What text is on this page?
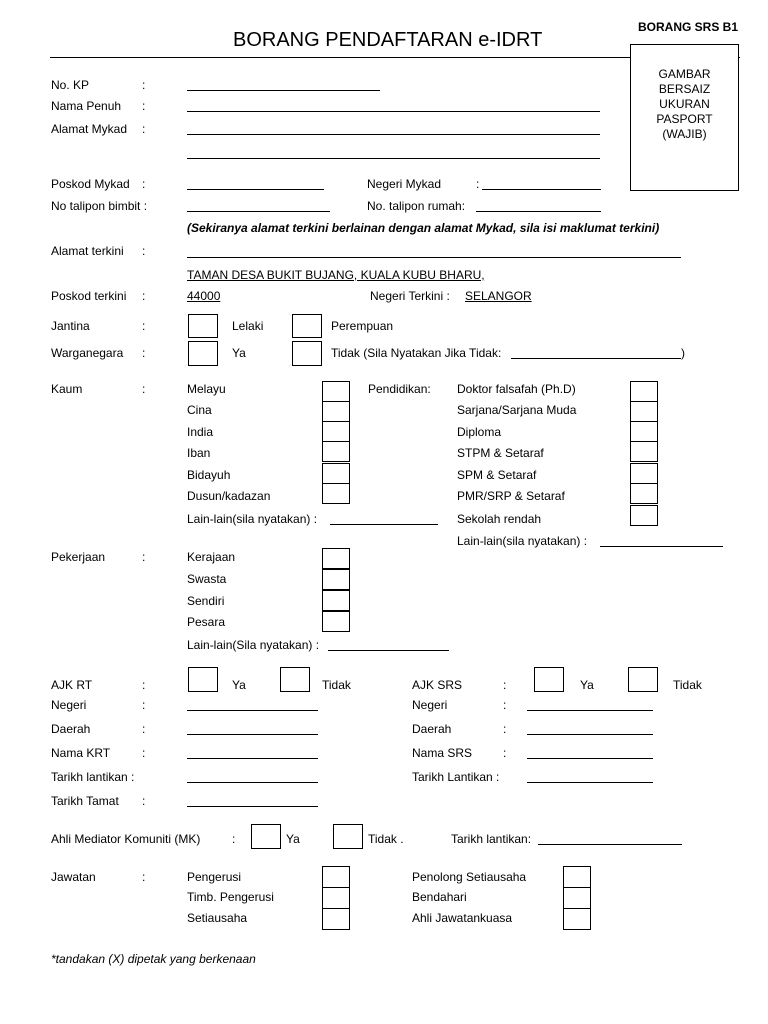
BORANG SRS B1
BORANG PENDAFTARAN e-IDRT
GAMBAR
BERSAIZ
UKURAN
PASPORT
(WAJIB)
No. KP	:
Nama Penuh :
Alamat Mykad :
Poskod Mykad :	Negeri Mykad	:
No talipon bimbit :	No. talipon rumah:
(Sekiranya alamat terkini berlainan dengan alamat Mykad, sila isi maklumat terkini)
Alamat terkini :
TAMAN DESA BUKIT BUJANG, KUALA KUBU BHARU,
Poskod terkini :	44000	Negeri Terkini : SELANGOR
Jantina	:	Lelaki	Perempuan
Warganegara :	Ya	Tidak (Sila Nyatakan Jika Tidak:	)
Kaum	:	Melayu
Cina
India
Iban
Bidayuh
Dusun/kadazan
Lain-lain(sila nyatakan) :
Pendidikan: Doktor falsafah (Ph.D)
Sarjana/Sarjana Muda
Diploma
STPM & Setaraf
SPM & Setaraf
PMR/SRP & Setaraf
Sekolah rendah
Lain-lain(sila nyatakan) :
Pekerjaan	:	Kerajaan
Swasta
Sendiri
Pesara
Lain-lain(Sila nyatakan) :
AJK RT	:	Ya	Tidak
Negeri	:
Daerah	:
Nama KRT	:
Tarikh lantikan :
Tarikh Tamat :
AJK SRS	:	Ya	Tidak
Negeri	:
Daerah	:
Nama SRS	:
Tarikh Lantikan :
Ahli Mediator Komuniti (MK)	:	Ya	Tidak .	Tarikh lantikan:
Jawatan	:	Pengerusi
Timb. Pengerusi
Setiausaha
Penolong Setiausaha
Bendahari
Ahli Jawatankuasa
*tandakan (X) dipetak yang berkenaan
